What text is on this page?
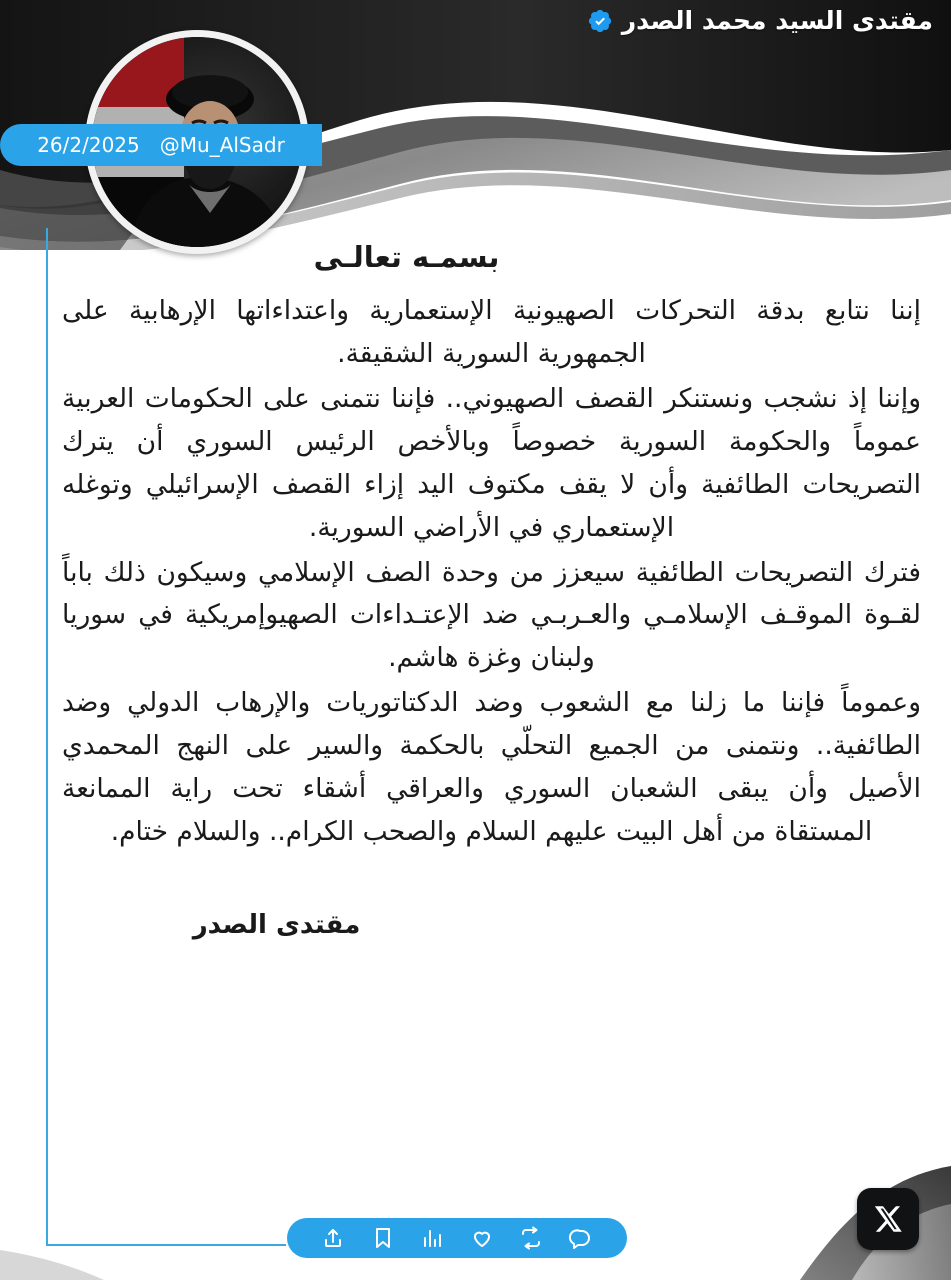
مقتدى السيد محمد الصدر
26/2/2025 @Mu_AlSadr
بسمـه تعالـى

إننا نتابع بدقة التحركات الصهيونية الإستعمارية واعتداءاتها الإرهابية على الجمهورية السورية الشقيقة.

وإننا إذ نشجب ونستنكر القصف الصهيوني.. فإننا نتمنى على الحكومات العربية عموماً والحكومة السورية خصوصاً وبالأخص الرئيس السوري أن يترك التصريحات الطائفية وأن لا يقف مكتوف اليد إزاء القصف الإسرائيلي وتوغله الإستعماري في الأراضي السورية.

فترك التصريحات الطائفية سيعزز من وحدة الصف الإسلامي وسيكون ذلك باباً لقـوة الموقـف الإسلامـي والعـربـي ضد الإعتـداءات الصهيوإمريكية في سوريا ولبنان وغزة هاشم.

وعموماً فإننا ما زلنا مع الشعوب وضد الدكتاتوريات والإرهاب الدولي وضد الطائفية.. ونتمنى من الجميع التحلّي بالحكمة والسير على النهج المحمدي الأصيل وأن يبقى الشعبان السوري والعراقي أشقاء تحت راية الممانعة المستقاة من أهل البيت عليهم السلام والصحب الكرام.. والسلام ختام.

مقتدى الصدر
